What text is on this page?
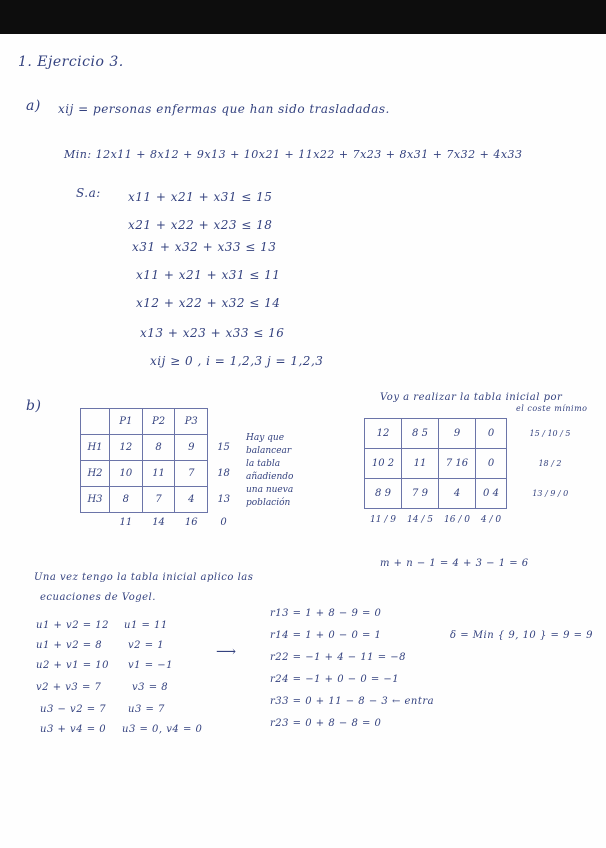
1. Ejercicio 3.
a) xij = personas enfermas que han sido trasladadas.
Min: 12x11 + 8x12 + 9x13 + 10x21 + 11x22 + 7x23 + 8x31 + 7x32 + 4x33
S.a: x11 + x21 + x31 ≤ 15
x21 + x22 + x23 ≤ 18
x31 + x32 + x33 ≤ 13
x11 + x21 + x31 ≤ 11
x12 + x22 + x32 ≤ 14
x13 + x23 + x33 ≤ 16
xij ≥ 0 , i = 1,2,3 j = 1,2,3
b)
	P1	P2	P3	
H1	12	8	9	15
H2	10	11	7	18
H3	8	7	4	13
	11	14	16	0
Hay que
balancear
la tabla
añadiendo
una nueva
población
Voy a realizar la tabla inicial por
el coste mínimo
12	8 5	9	0	15 / 10 / 5
10 2	11	7 16	0	18 / 2
8 9	7 9	4	0 4	13 / 9 / 0
11 / 9	14 / 5	16 / 0	4 / 0	
m + n − 1 = 4 + 3 − 1 = 6
Una vez tengo la tabla inicial aplico las
ecuaciones de Vogel.
u1 + v2 = 12 u1 = 11
u1 + v2 = 8	v2 = 1
u2 + v1 = 10 v1 = −1
v2 + v3 = 7	v3 = 8
u3 − v2 = 7 u3 = 7
u3 + v4 = 0 u3 = 0, v4 = 0
⟶
r13 = 1 + 8 − 9 = 0
r14 = 1 + 0 − 0 = 1
r22 = −1 + 4 − 11 = −8
r24 = −1 + 0 − 0 = −1
r33 = 0 + 11 − 8 − 3 ← entra
r23 = 0 + 8 − 8 = 0
δ = Min { 9, 10 } = 9 = 9
